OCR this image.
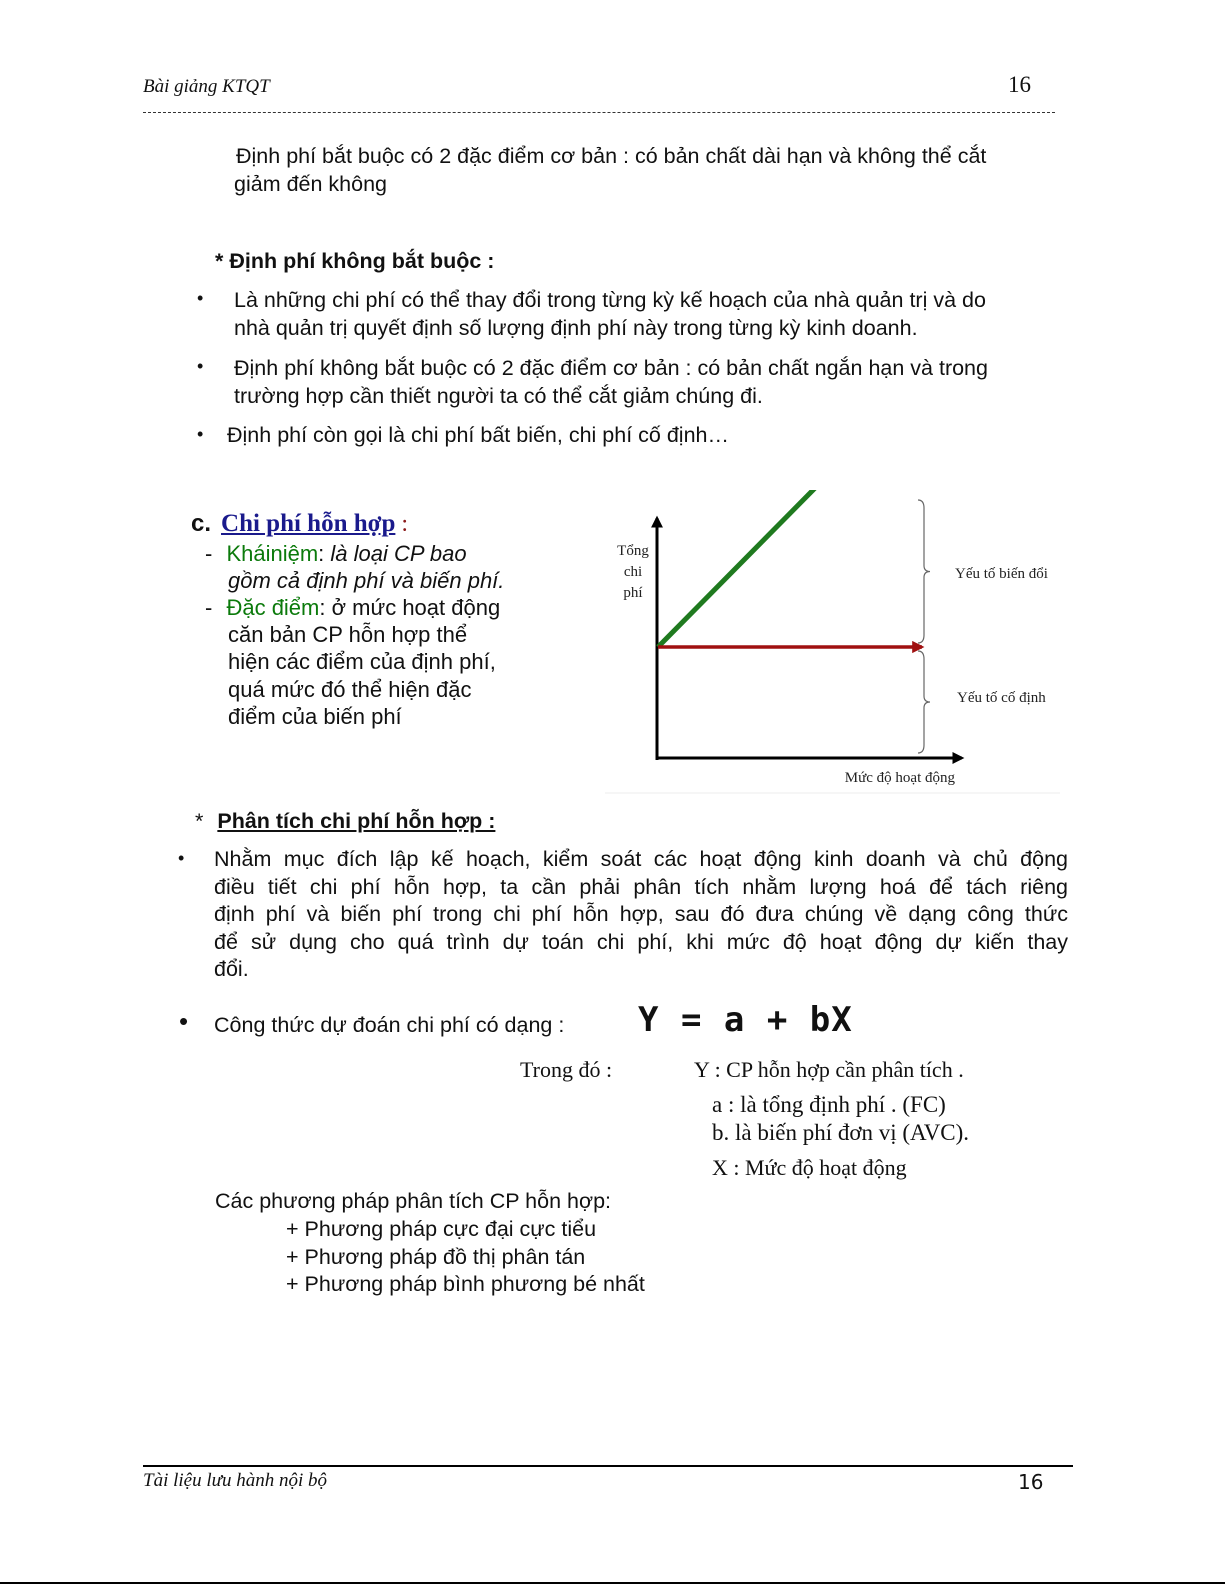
Bài giảng KTQT	16
Định phí bắt buộc có 2 đặc điểm cơ bản : có bản chất dài hạn và không thể cắt
giảm đến không
* Định phí không bắt buộc :
• Là những chi phí có thể thay đổi trong từng kỳ kế hoạch của nhà quản trị và do
nhà quản trị quyết định số lượng định phí này trong từng kỳ kinh doanh.
• Định phí không bắt buộc có 2 đặc điểm cơ bản : có bản chất ngắn hạn và trong
trường hợp cần thiết người ta có thể cắt giảm chúng đi.
• Định phí còn gọi là chi phí bất biến, chi phí cố định…
c. Chi phí hỗn hợp :
- Kháiniệm: là loại CP bao
gồm cả định phí và biến phí.
- Đặc điểm: ở mức hoạt động
căn bản CP hỗn hợp thể
hiện các điểm của định phí,
quá mức đó thể hiện đặc
điểm của biến phí
Tổng
chi
phí
Mức độ hoạt động
Yếu tố biến đổi
Yếu tố cố định
* Phân tích chi phí hỗn hợp :
• Nhằm mục đích lập kế hoạch, kiểm soát các hoạt động kinh doanh và chủ động
điều tiết chi phí hỗn hợp, ta cần phải phân tích nhằm lượng hoá để tách riêng
định phí và biến phí trong chi phí hỗn hợp, sau đó đưa chúng về dạng công thức
để sử dụng cho quá trình dự toán chi phí, khi mức độ hoạt động dự kiến thay
đổi.
• Công thức dự đoán chi phí có dạng : Y = a + bX
Trong đó :	Y : CP hỗn hợp cần phân tích .
a : là tổng định phí . (FC)
b. là biến phí đơn vị (AVC).
X : Mức độ hoạt động
Các phương pháp phân tích CP hỗn hợp:
+ Phương pháp cực đại cực tiểu
+ Phương pháp đồ thị phân tán
+ Phương pháp bình phương bé nhất
Tài liệu lưu hành nội bộ	16
